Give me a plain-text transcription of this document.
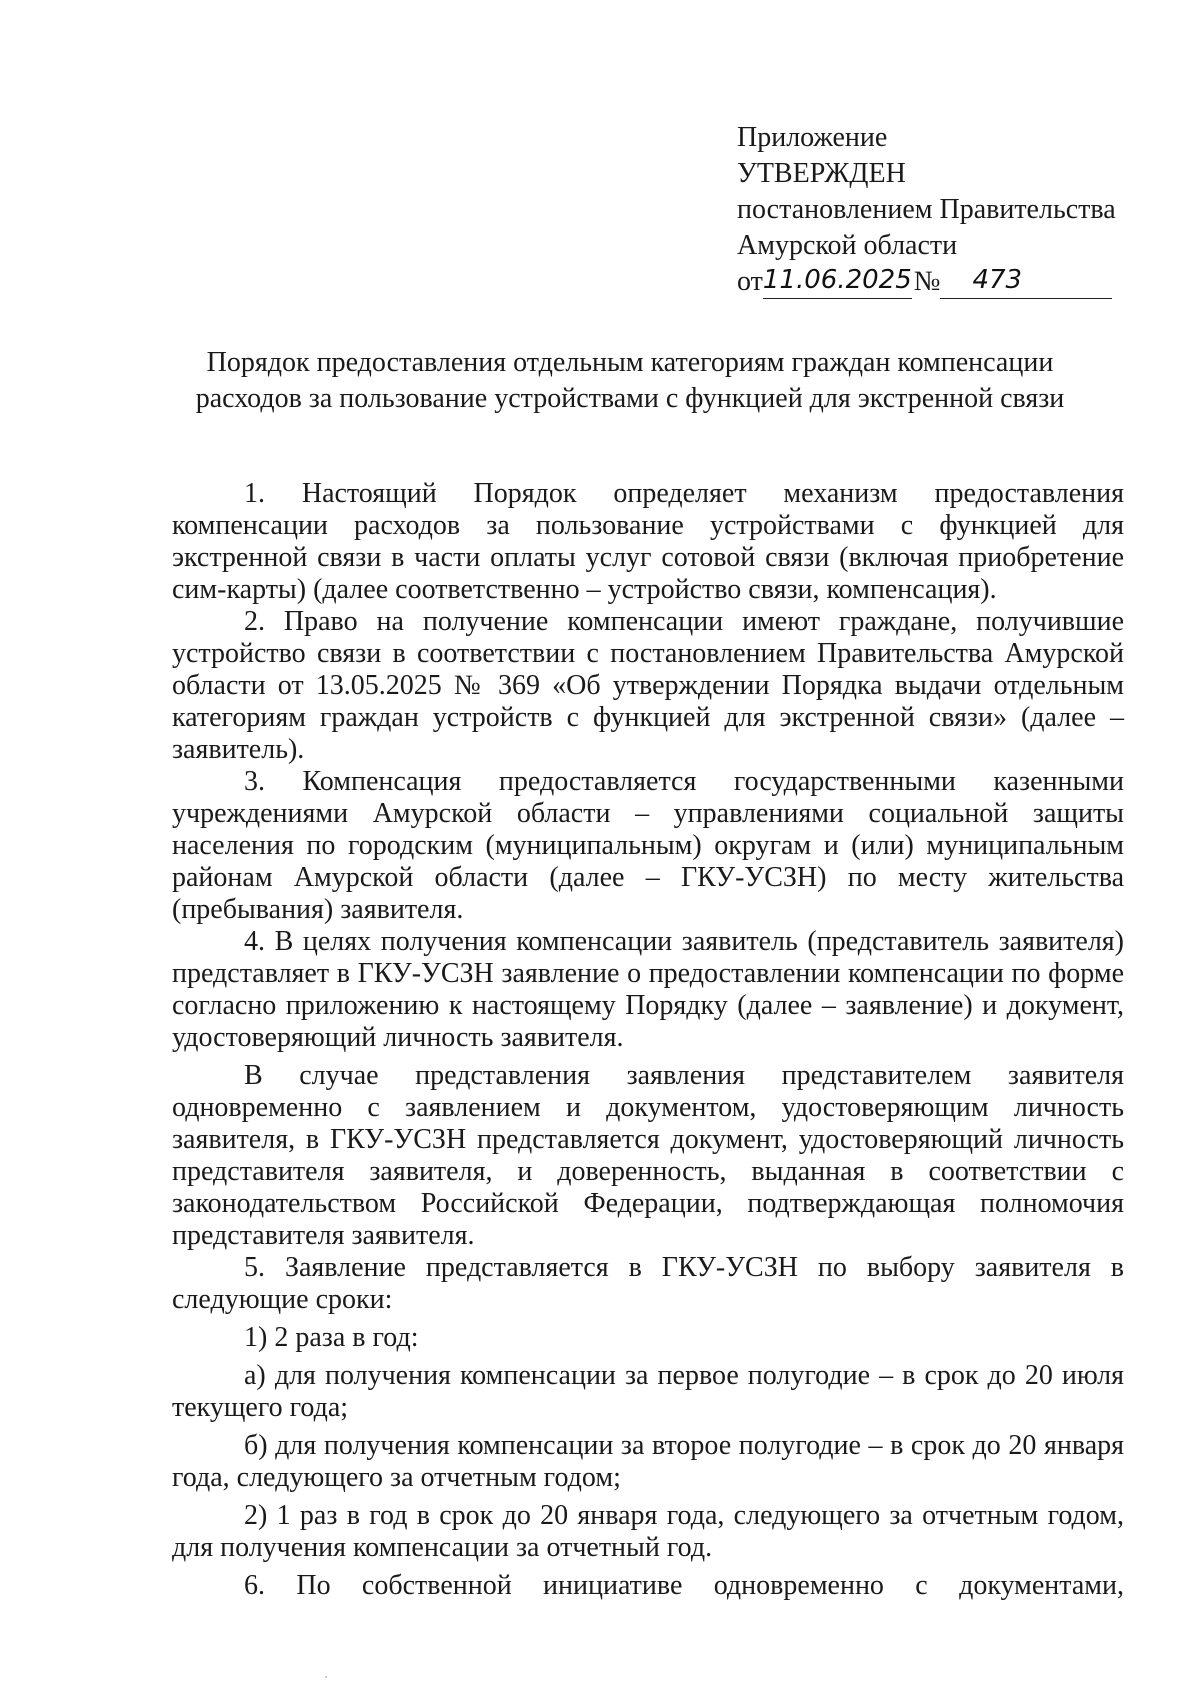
Приложение
УТВЕРЖДЕН
постановлением Правительства
Амурской области
от11.06.2025№ 473
Порядок предоставления отдельным категориям граждан компенсации
расходов за пользование устройствами с функцией для экстренной связи

1. Настоящий Порядок определяет механизм предоставления компенсации расходов за пользование устройствами с функцией для экстренной связи в части оплаты услуг сотовой связи (включая приобретение сим-карты) (далее соответственно – устройство связи, компенсация).

2. Право на получение компенсации имеют граждане, получившие устройство связи в соответствии с постановлением Правительства Амурской области от 13.05.2025 № 369 «Об утверждении Порядка выдачи отдельным категориям граждан устройств с функцией для экстренной связи» (далее – заявитель).

3. Компенсация предоставляется государственными казенными учреждениями Амурской области – управлениями социальной защиты населения по городским (муниципальным) округам и (или) муниципальным районам Амурской области (далее – ГКУ-УСЗН) по месту жительства (пребывания) заявителя.

4. В целях получения компенсации заявитель (представитель заявителя) представляет в ГКУ-УСЗН заявление о предоставлении компенсации по форме согласно приложению к настоящему Порядку (далее – заявление) и документ, удостоверяющий личность заявителя.

В случае представления заявления представителем заявителя одновременно с заявлением и документом, удостоверяющим личность заявителя, в ГКУ-УСЗН представляется документ, удостоверяющий личность представителя заявителя, и доверенность, выданная в соответствии с законодательством Российской Федерации, подтверждающая полномочия представителя заявителя.

5. Заявление представляется в ГКУ-УСЗН по выбору заявителя в следующие сроки:

1) 2 раза в год:

а) для получения компенсации за первое полугодие – в срок до 20 июля текущего года;

б) для получения компенсации за второе полугодие – в срок до 20 января года, следующего за отчетным годом;

2) 1 раз в год в срок до 20 января года, следующего за отчетным годом, для получения компенсации за отчетный год.

6. По собственной инициативе одновременно с документами,
